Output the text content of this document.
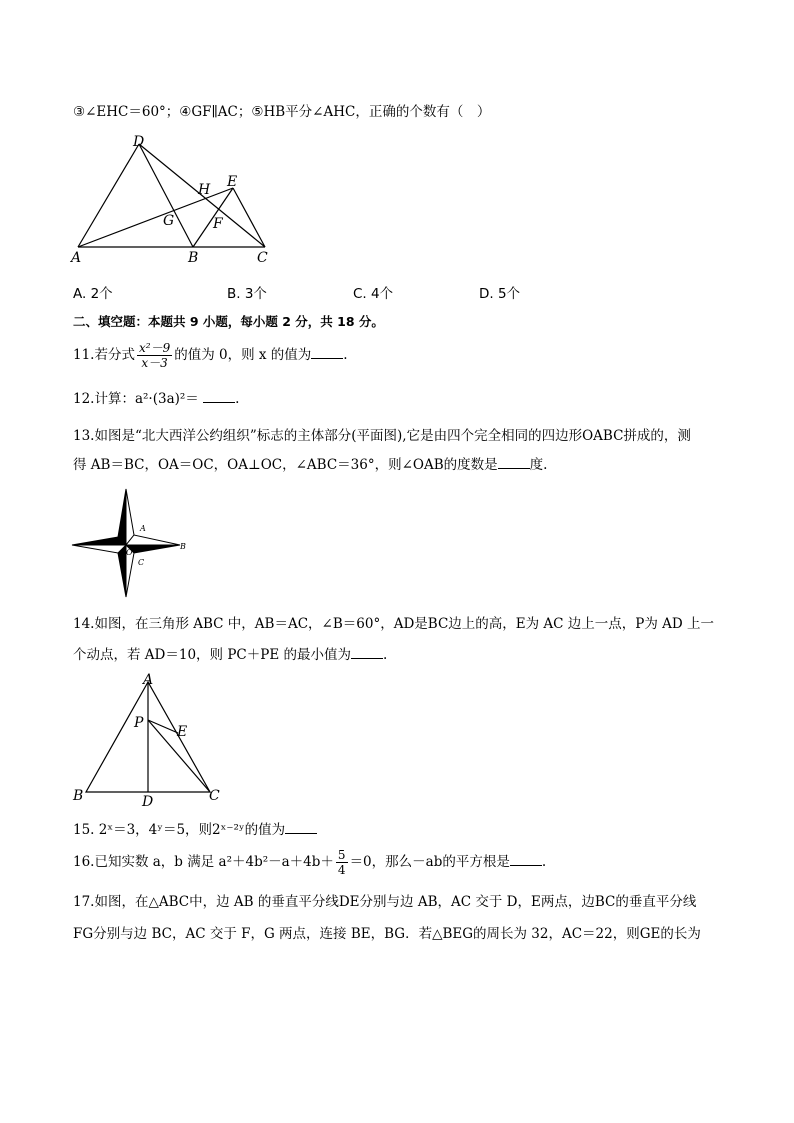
③∠EHC＝60°；④GF∥AC；⑤HB平分∠AHC，正确的个数有（　）
D
E
H
G	F
A	B	C
A. 2个	B. 3个	C. 4个	D. 5个
二、填空题：本题共 9 小题，每小题 2 分，共 18 分。
11.若分式 $\frac{\text{x²－9}}{x-3}$ 的值为 0，则 x 的值为 .
12.计算：a²·(3a)²＝	.
13.如图是“北大西洋公约组织”标志的主体部分(平面图),它是由四个完全相同的四边形OABC拼成的，测
得 AB＝BC，OA＝OC，OA⊥OC，∠ABC＝36°，则∠OAB的度数是 度.
A
B
C
O
14.如图，在三角形 ABC 中，AB＝AC，∠B＝60°，AD是BC边上的高，E为 AC 边上一点，P为 AD 上一
个动点，若 AD＝10，则 PC＋PE 的最小值为 .
A
P
E
B	D	C
15. 2ˣ＝3，4ʸ＝5，则2ˣ⁻²ʸ的值为
16.已知实数 a，b 满足 $a^2+4b^2-a+4b+ \frac{5}{4} =0$，那么－ab的平方根是 .
17.如图，在△ABC中，边 AB 的垂直平分线DE分别与边 AB，AC 交于 D，E两点，边BC的垂直平分线
FG分别与边 BC，AC 交于 F，G 两点，连接 BE，BG．若△BEG的周长为 32，AC＝22，则GE的长为
